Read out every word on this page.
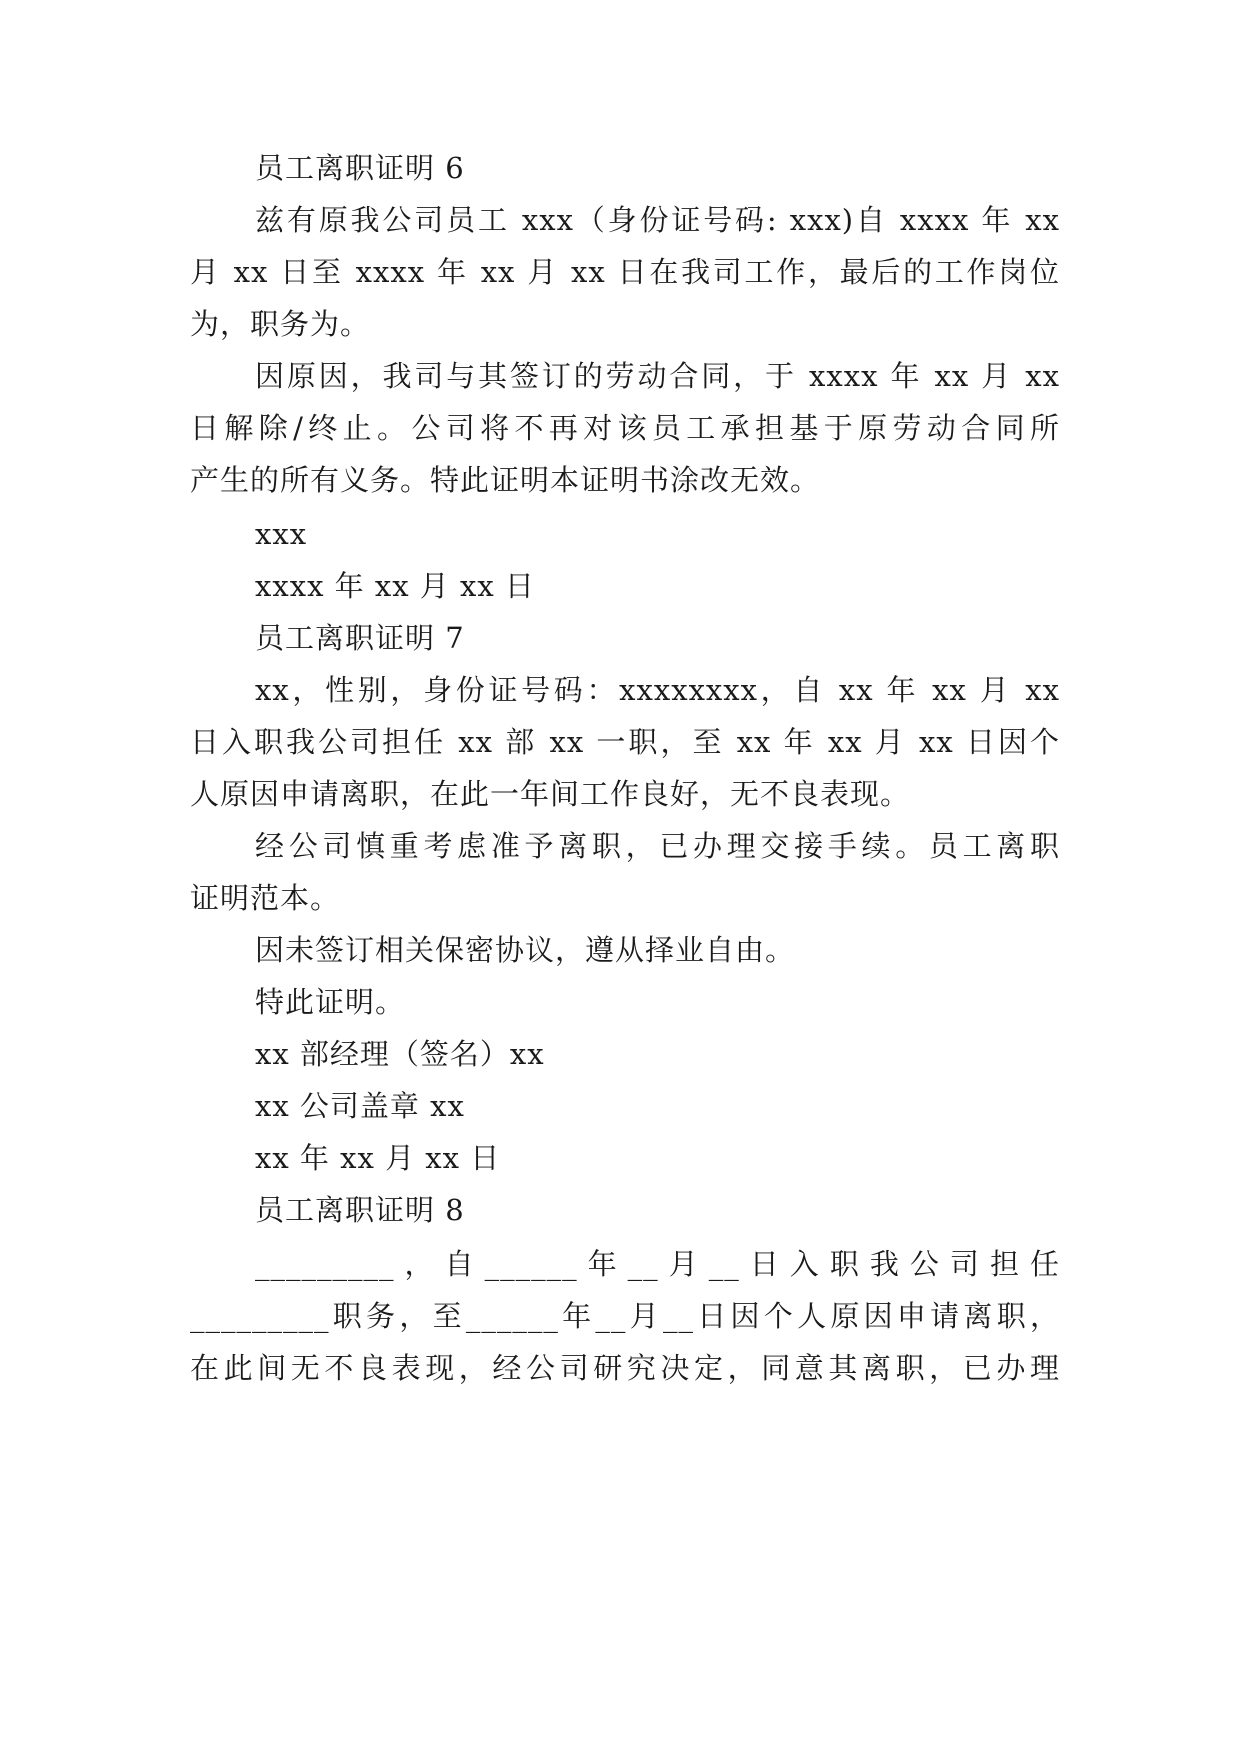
员工离职证明 6
兹有原我公司员工 xxx（身份证号码: xxx)自 xxxx 年 xx
月 xx 日至 xxxx 年 xx 月 xx 日在我司工作，最后的工作岗位
为，职务为。
因原因，我司与其签订的劳动合同，于 xxxx 年 xx 月 xx
日解除/终止。公司将不再对该员工承担基于原劳动合同所
产生的所有义务。特此证明本证明书涂改无效。
xxx
xxxx 年 xx 月 xx 日
员工离职证明 7
xx，性别，身份证号码：xxxxxxxx，自 xx 年 xx 月 xx
日入职我公司担任 xx 部 xx 一职，至 xx 年 xx 月 xx 日因个
人原因申请离职，在此一年间工作良好，无不良表现。
经公司慎重考虑准予离职，已办理交接手续。员工离职
证明范本。
因未签订相关保密协议，遵从择业自由。
特此证明。
xx 部经理（签名）xx
xx 公司盖章 xx
xx 年 xx 月 xx 日
员工离职证明 8
_________，自______年__月__日入职我公司担任
_________职务，至______年__月__日因个人原因申请离职，
在此间无不良表现，经公司研究决定，同意其离职，已办理
